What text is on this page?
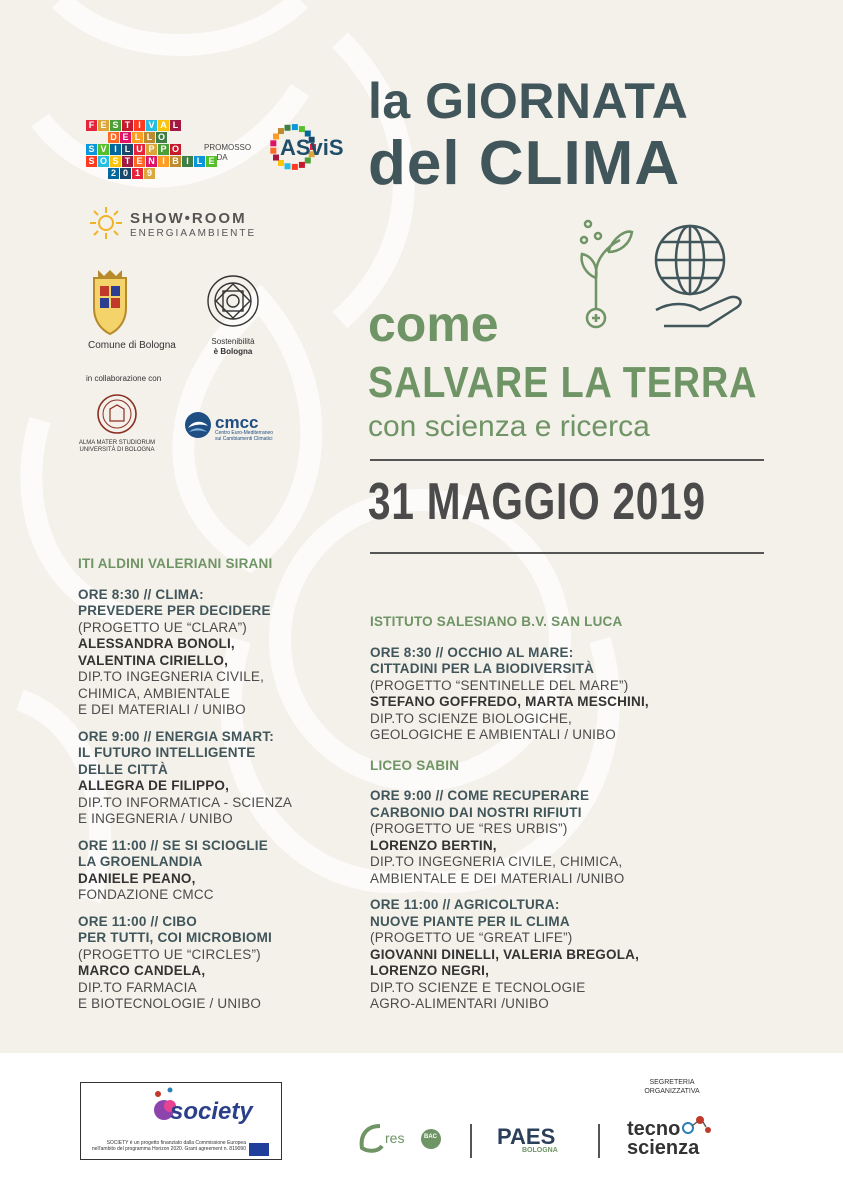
la GIORNATA
del CLIMA
come
SALVARE LA TERRA
con scienza e ricerca
31 MAGGIO 2019
F E S T I V A L
D E L L O
S V I L U P P O
S O S T E N I B I L E
2 0 1 9
PROMOSSO DA	ASviS
SHOW•ROOM
ENERGIAAMBIENTE
Comune di Bologna	Sostenibilità
è Bologna
in collaborazione con
ALMA MATER STUDIORUM
UNIVERSITÀ DI BOLOGNA
cmcc
Centro Euro-Mediterraneo
sui Cambiamenti Climatici
ITI ALDINI VALERIANI SIRANI
ORE 8:30 // CLIMA:
PREVEDERE PER DECIDERE
(PROGETTO UE “CLARA”)
ALESSANDRA BONOLI,
VALENTINA CIRIELLO,
DIP.TO INGEGNERIA CIVILE,
CHIMICA, AMBIENTALE
E DEI MATERIALI / UNIBO
ORE 9:00 // ENERGIA SMART:
IL FUTURO INTELLIGENTE
DELLE CITTÀ
ALLEGRA DE FILIPPO,
DIP.TO INFORMATICA - SCIENZA
E INGEGNERIA / UNIBO
ORE 11:00 // SE SI SCIOGLIE
LA GROENLANDIA
DANIELE PEANO,
FONDAZIONE CMCC
ORE 11:00 // CIBO
PER TUTTI, COI MICROBIOMI
(PROGETTO UE “CIRCLES”)
MARCO CANDELA,
DIP.TO FARMACIA
E BIOTECNOLOGIE / UNIBO
ISTITUTO SALESIANO B.V. SAN LUCA
ORE 8:30 // OCCHIO AL MARE:
CITTADINI PER LA BIODIVERSITÀ
(PROGETTO “SENTINELLE DEL MARE”)
STEFANO GOFFREDO, MARTA MESCHINI,
DIP.TO SCIENZE BIOLOGICHE,
GEOLOGICHE E AMBIENTALI / UNIBO
LICEO SABIN
ORE 9:00 // COME RECUPERARE
CARBONIO DAI NOSTRI RIFIUTI
(PROGETTO UE “RES URBIS”)
LORENZO BERTIN,
DIP.TO INGEGNERIA CIVILE, CHIMICA,
AMBIENTALE E DEI MATERIALI /UNIBO
ORE 11:00 // AGRICOLTURA:
NUOVE PIANTE PER IL CLIMA
(PROGETTO UE “GREAT LIFE”)
GIOVANNI DINELLI, VALERIA BREGOLA,
LORENZO NEGRI,
DIP.TO SCIENZE E TECNOLOGIE
AGRO-ALIMENTARI /UNIBO
society
SOCIETY è un progetto finanziato dalla Commissione Europea nell'ambito del programma Horizon 2020. Grant agreement n. 819090
res	BAC	PAES
BOLOGNA
SEGRETERIA
ORGANIZZATIVA
tecno
scienza
